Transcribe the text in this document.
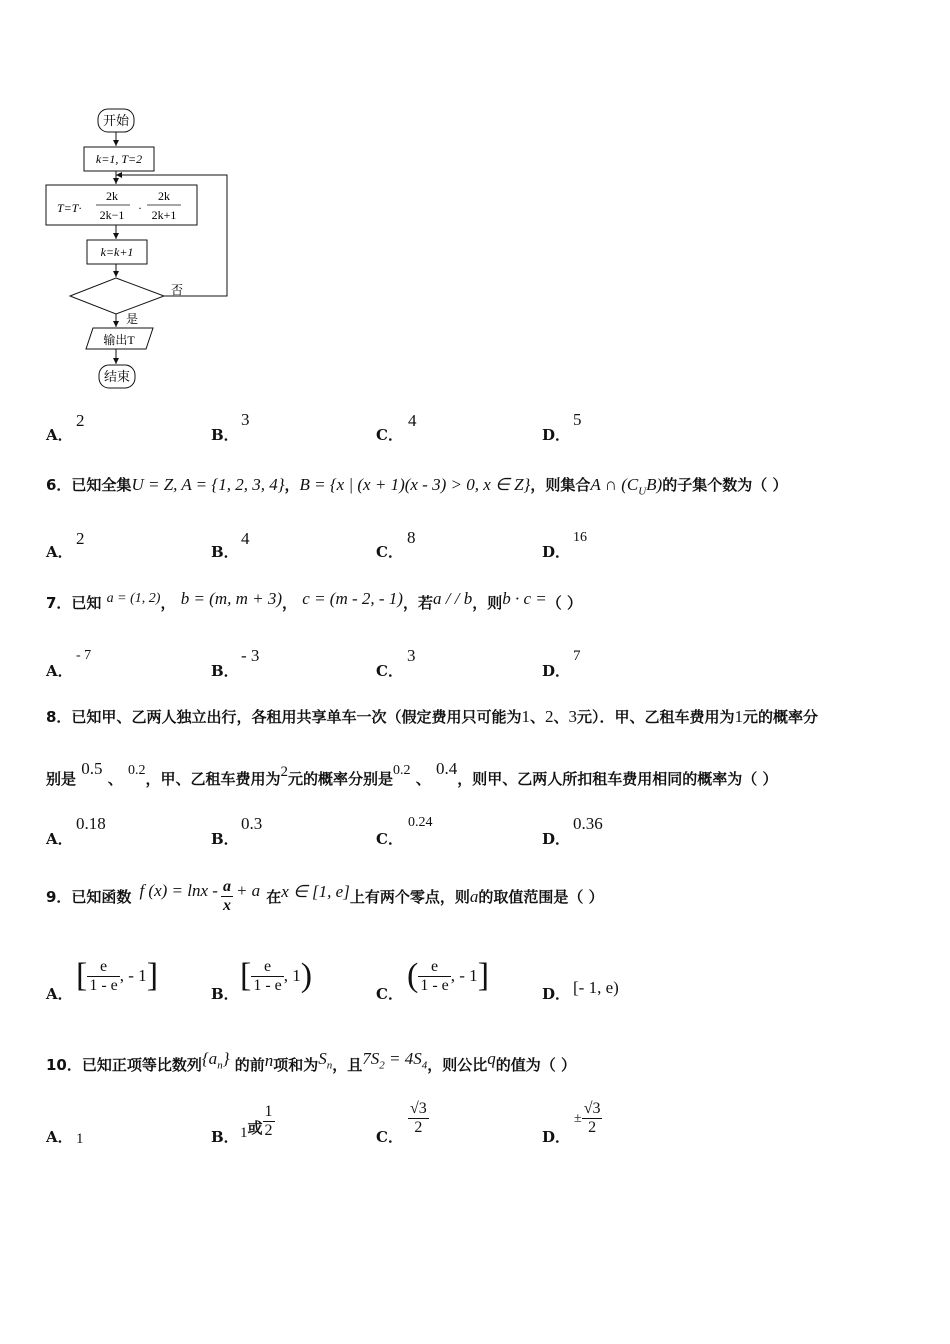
开始
k=1, T=2
T=T·
2k
2k−1 ·
2k
2k+1
k=k+1
否
是
输出T
结束
A．
2
B．
3
C．
4
D．
5
6．已知全集U = Z, A = {1, 2, 3, 4}，B = {x | (x + 1)(x - 3) > 0, x ∈ Z}，则集合A ∩ $(C_UB)$的子集个数为（ ）
A．
2
B．
4
C．
8
D．
16
7．已知 a = (1, 2)， b = (m, m + 3)， c = (m - 2, - 1)，若a / / b，则b · c =（ ）
A．
- 7
B．
- 3
C．
3
D．
7
8．已知甲、乙两人独立出行，各租用共享单车一次（假定费用只可能为1、2、3元）．甲、乙租车费用为1元的概率分
别是 0.5 、 0.2，甲、乙租车费用为2元的概率分别是0.2 、 0.4，则甲、乙两人所扣租车费用相同的概率为（ ）
A．
0.18
B．
0.3
C．
0.24
D．
0.36
9．已知函数 f $(x) = \ln x - \frac{a}{x} + a$ 在 x ∈ [1, e] 上有两个零点，则 a 的取值范围是（ ）
A． [ $\frac{e}{1 - e}$ , - 1 ]	B． [ $\frac{e}{1 - e}$ , 1 )	C． ( $\frac{e}{1 - e}$ , - 1 ]	D． [- 1, e)
10．已知正项等比数列$\{a_n\}$ 的前n项和为$S_n$，且$7S_2 = 4S_4$，则公比q的值为（ ）
A． 1	B． 1 或 $\frac{1}{2}$	C． $\frac{√3}{2}$	D．
± $\frac{√3}{2}$
